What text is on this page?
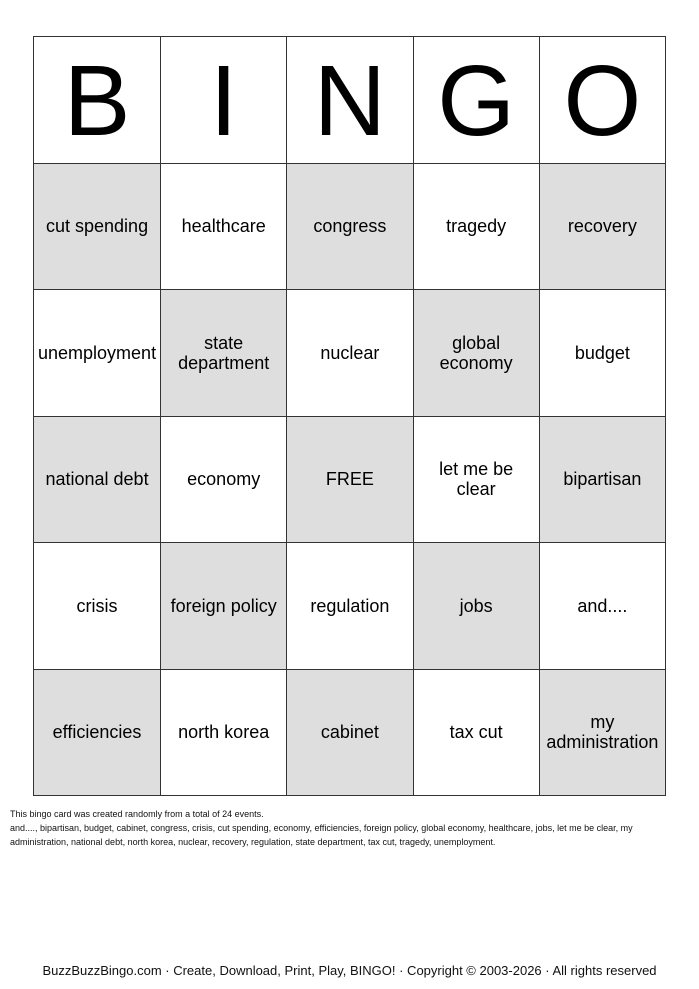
B I N G O
cut spending	healthcare	congress	tragedy	recovery
unemployment	state department	nuclear	global economy	budget
national debt	economy	FREE	let me be clear	bipartisan
crisis	foreign policy	regulation	jobs	and....
efficiencies	north korea	cabinet	tax cut	my administration
This bingo card was created randomly from a total of 24 events.
and...., bipartisan, budget, cabinet, congress, crisis, cut spending, economy, efficiencies, foreign policy, global economy, healthcare, jobs, let me be clear, my administration, national debt, north korea, nuclear, recovery, regulation, state department, tax cut, tragedy, unemployment.
BuzzBuzzBingo.com · Create, Download, Print, Play, BINGO! · Copyright © 2003-2026 · All rights reserved
